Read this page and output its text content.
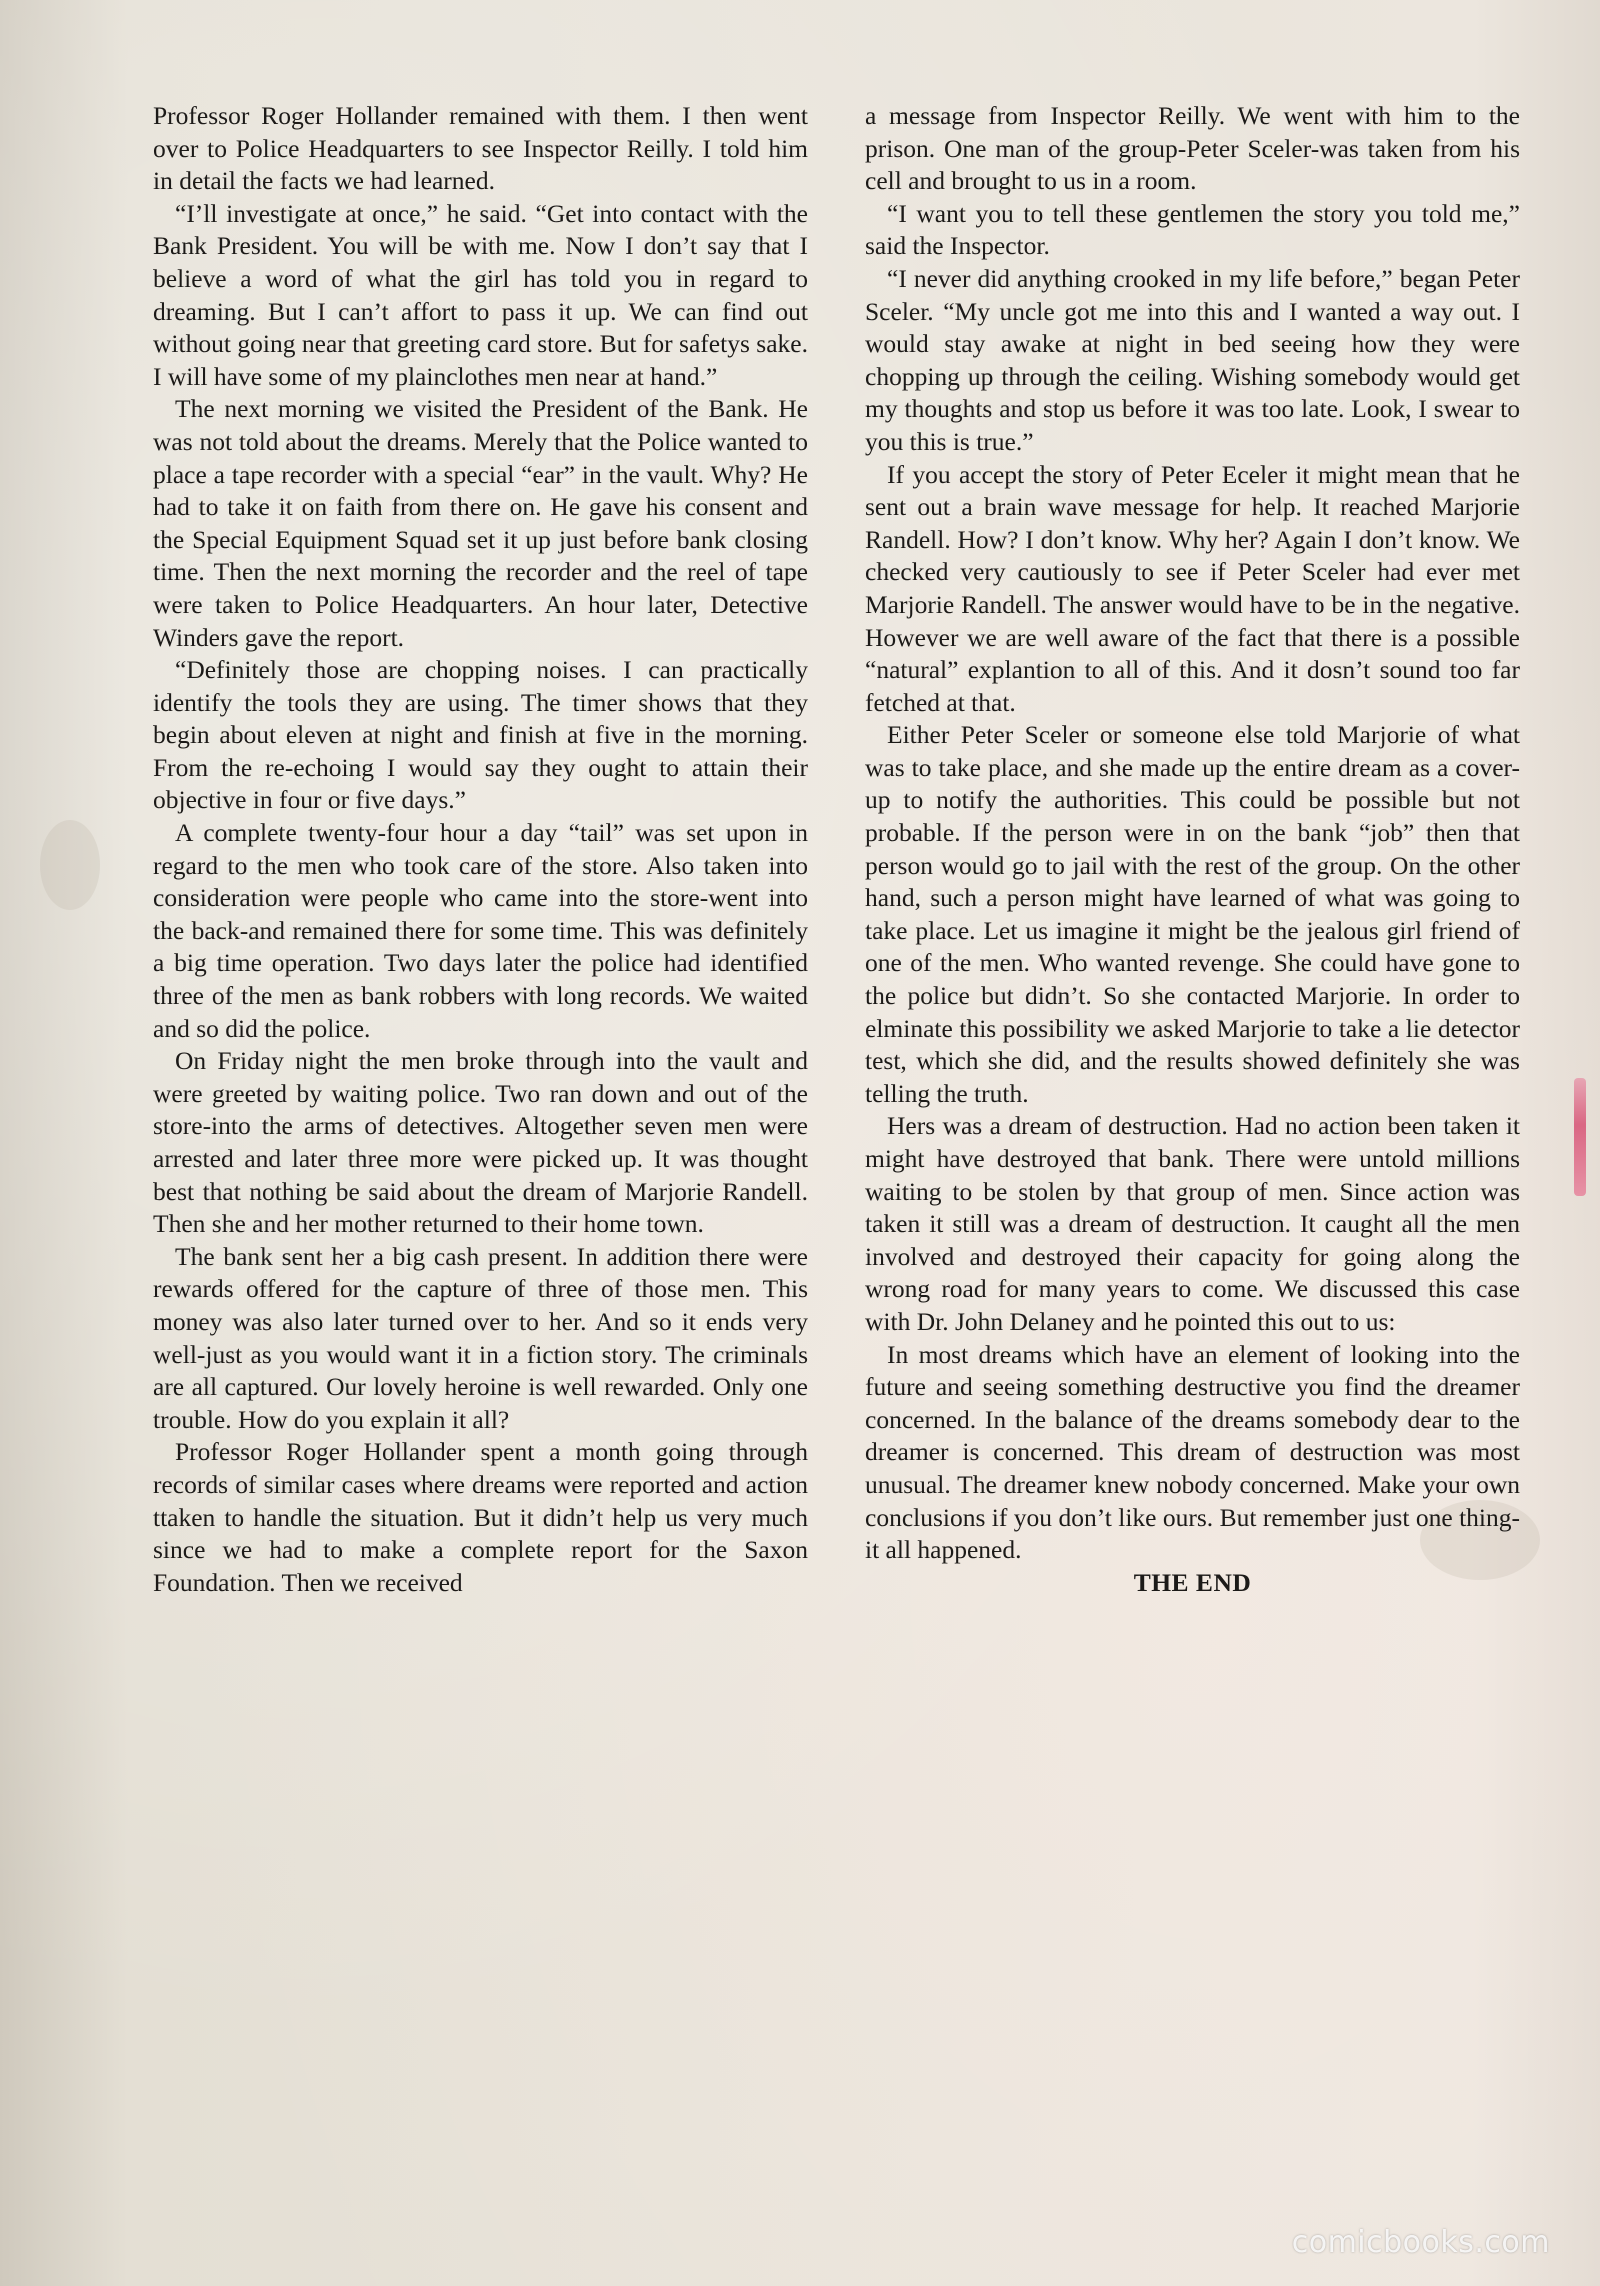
Professor Roger Hollander remained with them. I then went over to Police Headquarters to see Inspector Reilly. I told him in detail the facts we had learned.

“I’ll investigate at once,” he said. “Get into contact with the Bank President. You will be with me. Now I don’t say that I believe a word of what the girl has told you in regard to dreaming. But I can’t affort to pass it up. We can find out without going near that greeting card store. But for safetys sake. I will have some of my plainclothes men near at hand.”

The next morning we visited the President of the Bank. He was not told about the dreams. Merely that the Police wanted to place a tape recorder with a special “ear” in the vault. Why? He had to take it on faith from there on. He gave his consent and the Special Equipment Squad set it up just before bank closing time. Then the next morning the recorder and the reel of tape were taken to Police Headquarters. An hour later, Detective Winders gave the report.

“Definitely those are chopping noises. I can practically identify the tools they are using. The timer shows that they begin about eleven at night and finish at five in the morning. From the re-echoing I would say they ought to attain their objective in four or five days.”

A complete twenty-four hour a day “tail” was set upon in regard to the men who took care of the store. Also taken into consideration were people who came into the store-went into the back-and remained there for some time. This was definitely a big time operation. Two days later the police had identified three of the men as bank robbers with long records. We waited and so did the police.

On Friday night the men broke through into the vault and were greeted by waiting police. Two ran down and out of the store-into the arms of detectives. Altogether seven men were arrested and later three more were picked up. It was thought best that nothing be said about the dream of Marjorie Randell. Then she and her mother returned to their home town.

The bank sent her a big cash present. In addition there were rewards offered for the capture of three of those men. This money was also later turned over to her. And so it ends very well-just as you would want it in a fiction story. The criminals are all captured. Our lovely heroine is well rewarded. Only one trouble. How do you explain it all?

Professor Roger Hollander spent a month going through records of similar cases where dreams were reported and action ttaken to handle the situation. But it didn’t help us very much since we had to make a complete report for the Saxon Foundation. Then we received

a message from Inspector Reilly. We went with him to the prison. One man of the group-Peter Sceler-was taken from his cell and brought to us in a room.

“I want you to tell these gentlemen the story you told me,” said the Inspector.

“I never did anything crooked in my life before,” began Peter Sceler. “My uncle got me into this and I wanted a way out. I would stay awake at night in bed seeing how they were chopping up through the ceiling. Wishing somebody would get my thoughts and stop us before it was too late. Look, I swear to you this is true.”

If you accept the story of Peter Eceler it might mean that he sent out a brain wave message for help. It reached Marjorie Randell. How? I don’t know. Why her? Again I don’t know. We checked very cautiously to see if Peter Sceler had ever met Marjorie Randell. The answer would have to be in the negative. However we are well aware of the fact that there is a possible “natural” explantion to all of this. And it dosn’t sound too far fetched at that.

Either Peter Sceler or someone else told Marjorie of what was to take place, and she made up the entire dream as a cover-up to notify the authorities. This could be possible but not probable. If the person were in on the bank “job” then that person would go to jail with the rest of the group. On the other hand, such a person might have learned of what was going to take place. Let us imagine it might be the jealous girl friend of one of the men. Who wanted revenge. She could have gone to the police but didn’t. So she contacted Marjorie. In order to elminate this possibility we asked Marjorie to take a lie detector test, which she did, and the results showed definitely she was telling the truth.

Hers was a dream of destruction. Had no action been taken it might have destroyed that bank. There were untold millions waiting to be stolen by that group of men. Since action was taken it still was a dream of destruction. It caught all the men involved and destroyed their capacity for going along the wrong road for many years to come. We discussed this case with Dr. John Delaney and he pointed this out to us:

In most dreams which have an element of looking into the future and seeing something destructive you find the dreamer concerned. In the balance of the dreams somebody dear to the dreamer is concerned. This dream of destruction was most unusual. The dreamer knew nobody concerned. Make your own conclusions if you don’t like ours. But remember just one thing-it all happened.

THE END

comicbooks.com
